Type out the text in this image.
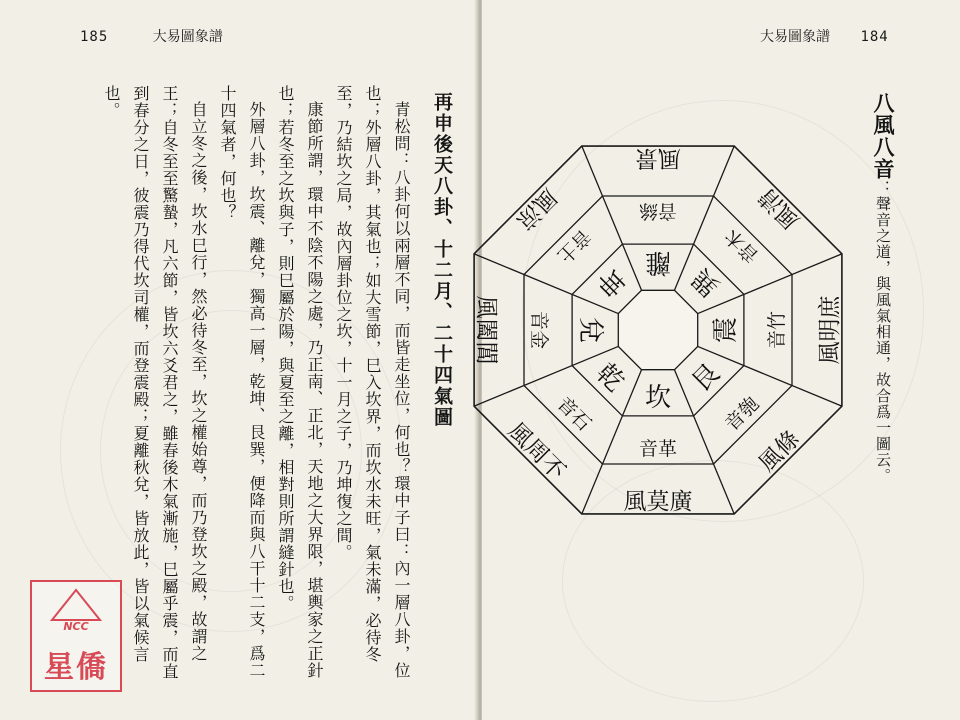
185	大易圖象譜
再申後天八卦、十二月、二十四氣圖

青松問：八卦何以兩層不同，而皆走坐位，何也？環中子曰：內一層八卦，位也；外層八卦，其氣也；如大雪節，巳入坎界，而坎水未旺，氣未滿，必待冬至，乃結坎之局，故內層卦位之坎，十一月之子，乃坤復之間。

康節所謂，環中不陰不陽之處，乃正南、正北，天地之大界限，堪輿家之正針也；若冬至之坎與子，則巳屬於陽，與夏至之離，相對則所謂縫針也。

外層八卦，坎震、離兌，獨高一層，乾坤、艮巽，便降而與八干十二支，爲二十四氣者，何也？

自立冬之後，坎水巳行，然必待冬至，坎之權始尊，而乃登坎之殿，故謂之王；自冬至至驚蟄，凡六節，皆坎六爻君之，雖春後木氣漸施，巳屬乎震，而直到春分之日，彼震乃得代坎司權，而登震殿；夏離秋兌，皆放此，皆以氣候言也。

NCC
星僑
大易圖象譜 184
八風八音：聲音之道，與風氣相通，故合爲一圖云。
坎
艮
震
巽
離
坤
兌
乾
音革
音匏
音竹
音木
音絲
音土
音金
音石
風莫廣
風條
風明庶
風清
風景
風涼
風闔閶
風周不
